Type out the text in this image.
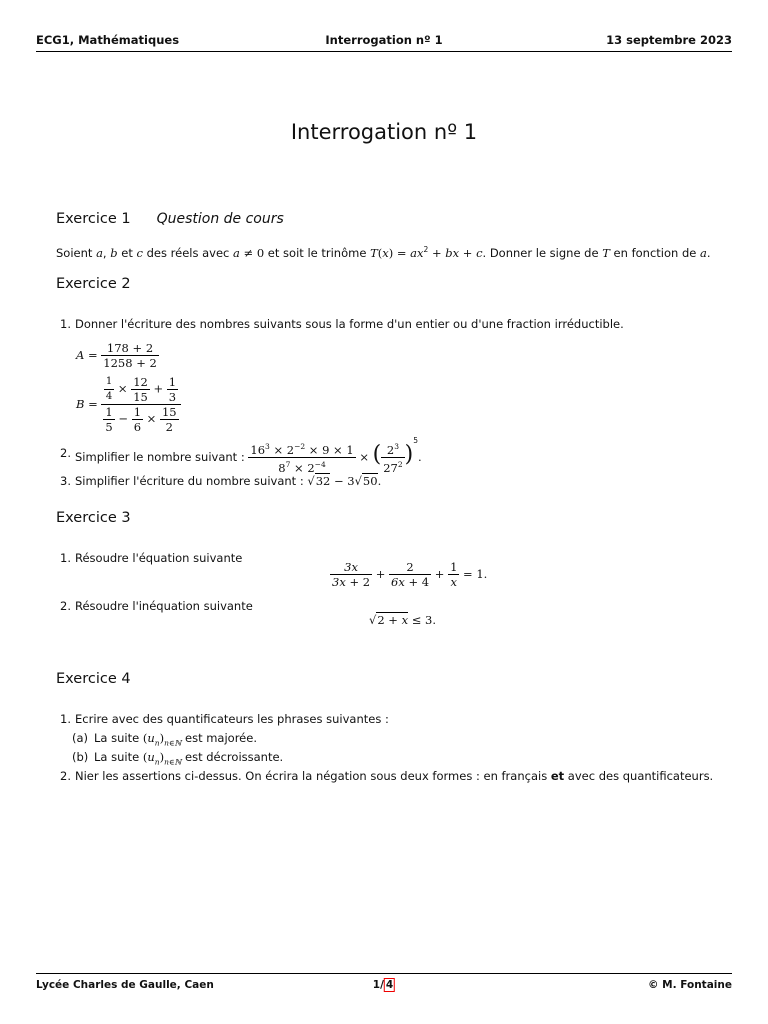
ECG1, Mathématiques	Interrogation nº 1	13 septembre 2023
Interrogation nº 1
Exercice 1 Question de cours
Soient a, b et c des réels avec a ≠ 0 et soit le trinôme $T(x) = ax^2$ + bx + c. Donner le signe de T en fonction de a.
Exercice 2
1. Donner l'écriture des nombres suivants sous la forme d'un entier ou d'une fraction irréductible.
$A = \frac{178 + 2}{1258 + 2}$
$B = \frac{\frac{1}{4} \times \frac{12}{15} + \frac{1}{3}}{\frac{1}{5} - \frac{1}{6} \times \frac{15}{2}}$
2. Simplifier le nombre suivant : $\frac{16^3 \times 2^{-2} \times 9 \times 1}{8^7 \times 2^{-4}}$ × ( $\frac{2^3}{27^2} )^5$.
3. Simplifier l'écriture du nombre suivant : √32 − 3√50.
Exercice 3
1. Résoudre l'équation suivante
$\frac{3x}{3x + 2} + \frac{2}{6x + 4} + \frac{1}{x} = 1$.
2. Résoudre l'inéquation suivante
√2 + x ≤ 3.
Exercice 4
1. Ecrire avec des quantificateurs les phrases suivantes :
(a) La suite $(u_n)_{n\in ℕ}$ est majorée.
(b) La suite $(u_n)_{n\in ℕ}$ est décroissante.
2. Nier les assertions ci-dessus. On écrira la négation sous deux formes : en français et avec des quantificateurs.
Lycée Charles de Gaulle, Caen	1/ 4	© M. Fontaine
